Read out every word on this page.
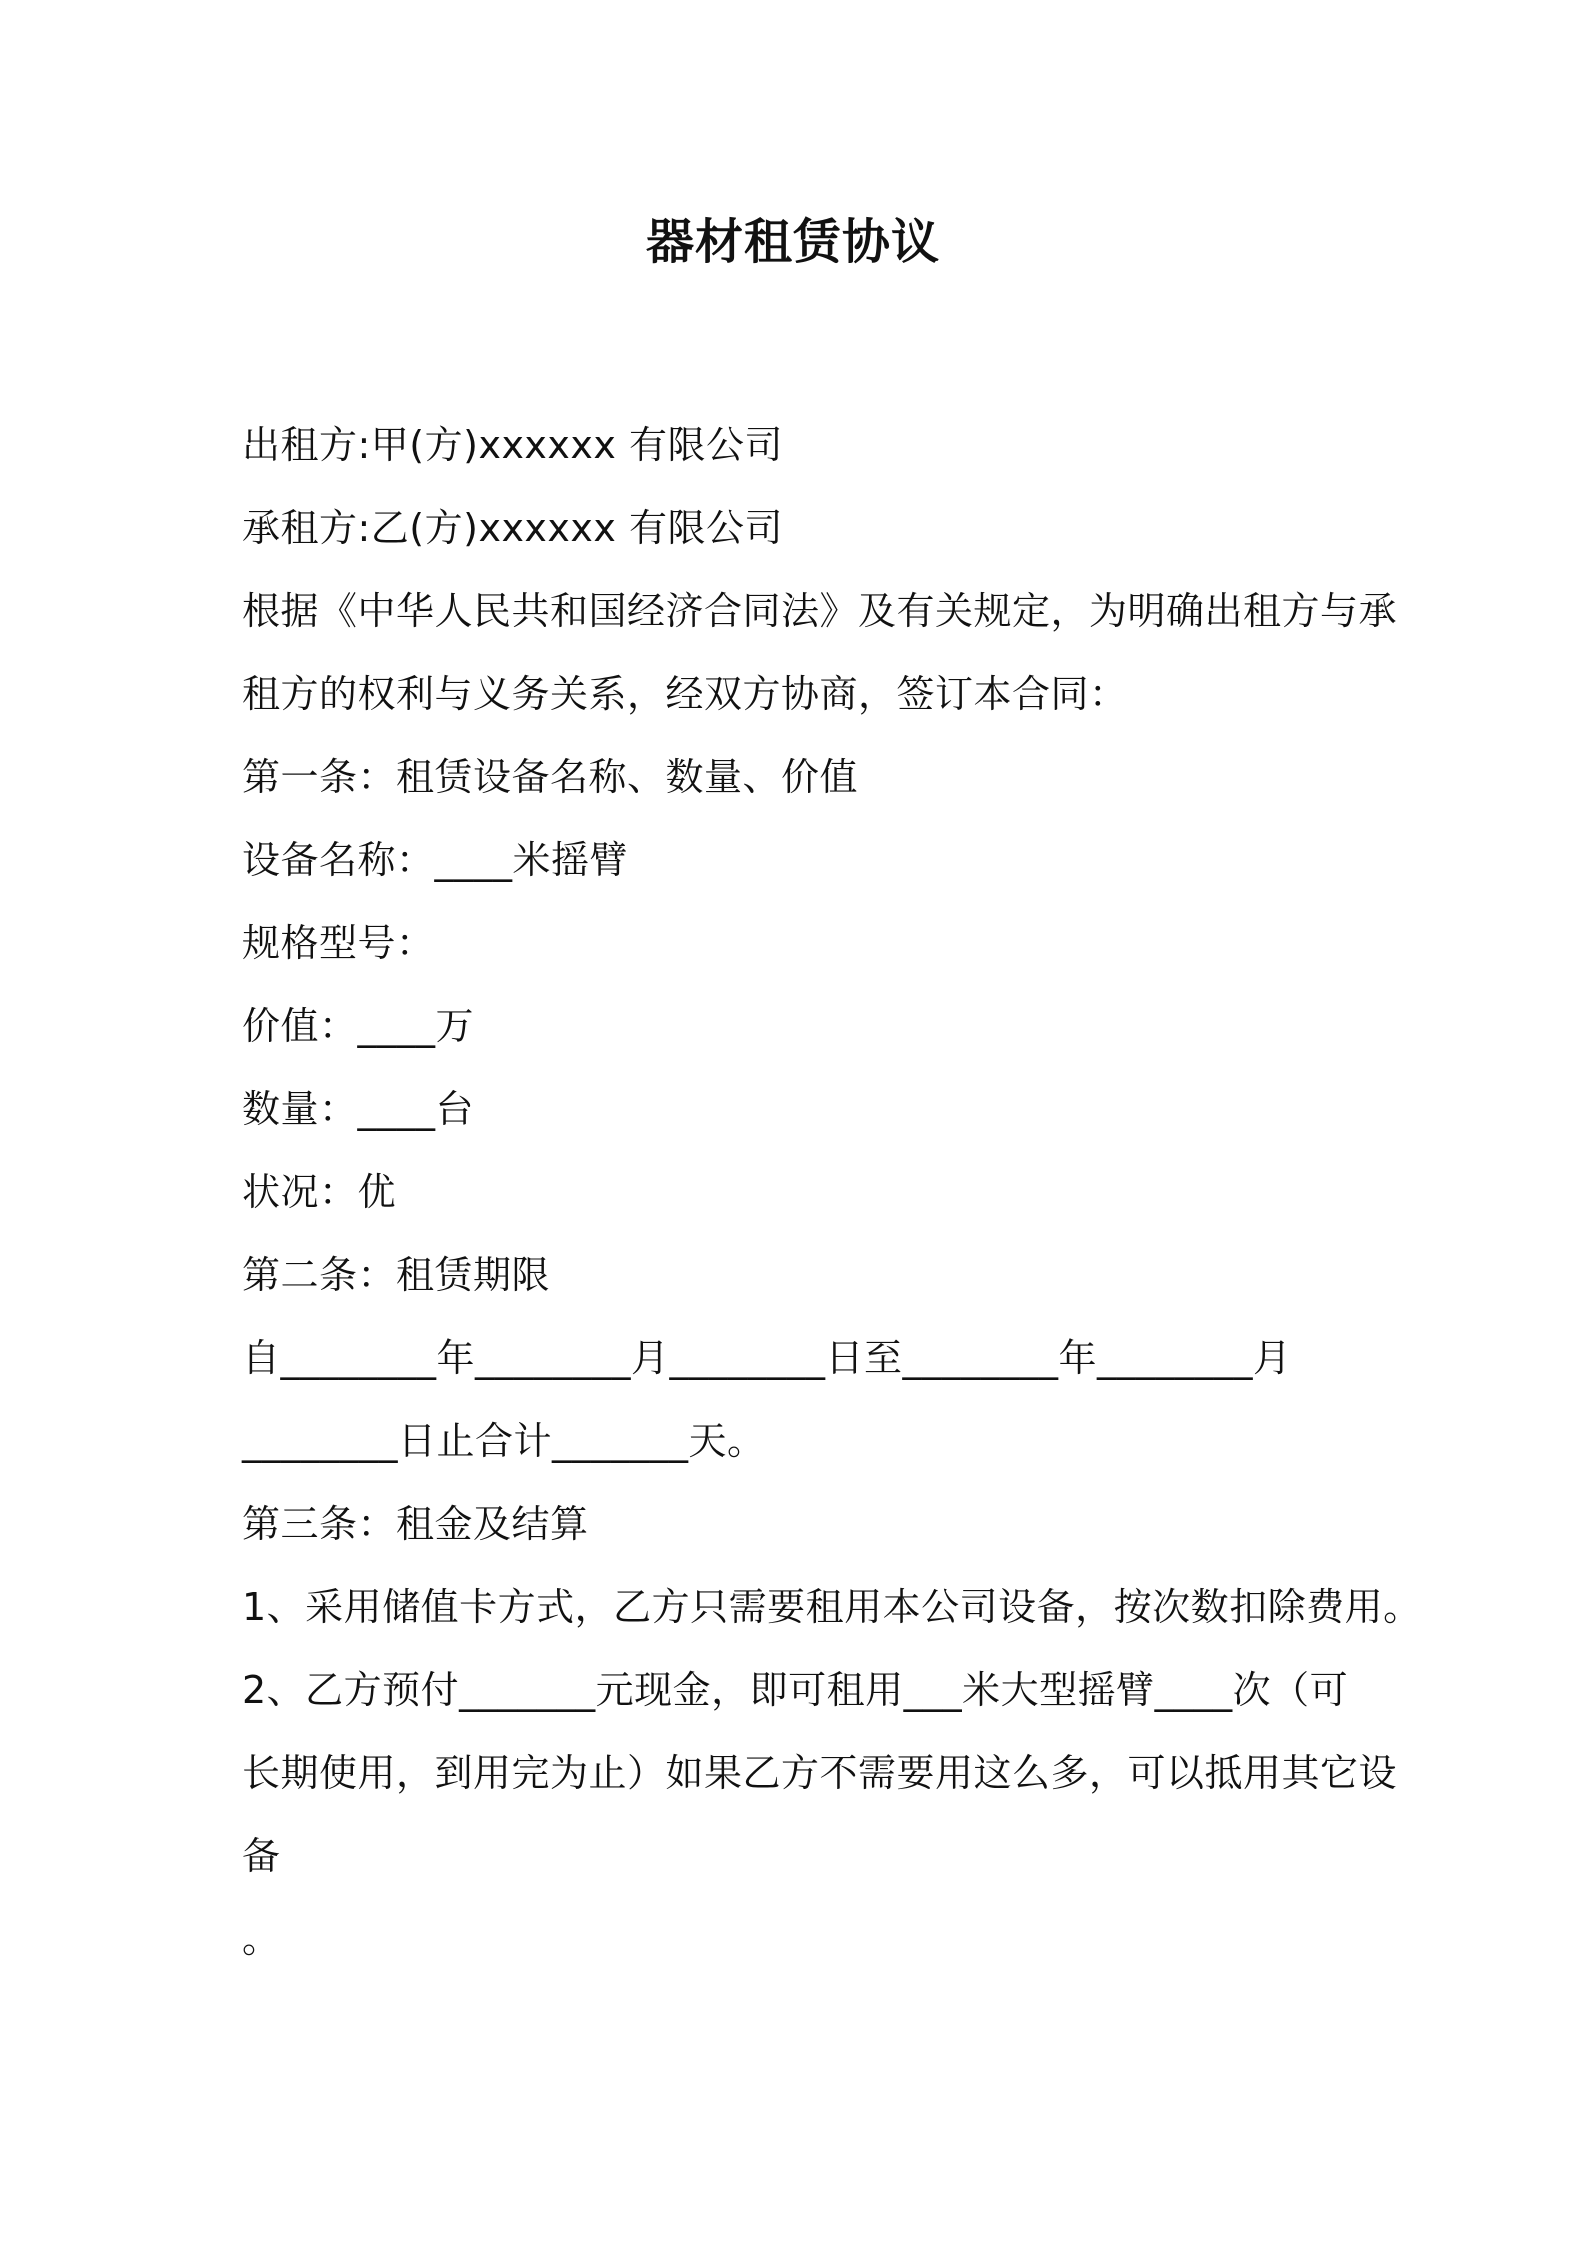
器材租赁协议
出租方:甲(方)xxxxxx 有限公司
承租方:乙(方)xxxxxx 有限公司
根据《中华人民共和国经济合同法》及有关规定，为明确出租方与承
租方的权利与义务关系，经双方协商，签订本合同：
第一条：租赁设备名称、数量、价值
设备名称：____米摇臂
规格型号：
价值：____万
数量：____台
状况：优
第二条：租赁期限
自________年________月________日至________年________月
________日止合计_______天。
第三条：租金及结算
1、采用储值卡方式，乙方只需要租用本公司设备，按次数扣除费用。
2、乙方预付_______元现金，即可租用___米大型摇臂____次（可
长期使用，到用完为止）如果乙方不需要用这么多，可以抵用其它设
备
。
